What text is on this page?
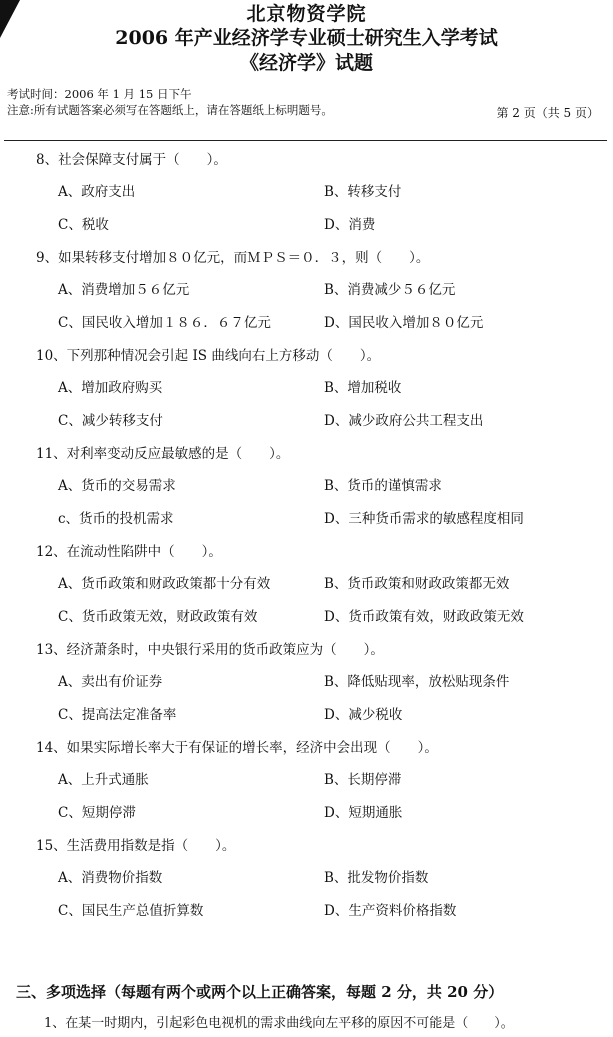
北京物资学院
2006 年产业经济学专业硕士研究生入学考试
《经济学》试题
考试时间：2006 年 1 月 15 日下午
注意:所有试题答案必须写在答题纸上，请在答题纸上标明题号。	第 2 页（共 5 页）
8、社会保障支付属于（　　）。
A、政府支出	B、转移支付
C、税收	D、消费
9、如果转移支付增加８０亿元，而ＭＰＳ＝０．３，则（　　）。
A、消费增加５６亿元	B、消费减少５６亿元
C、国民收入增加１８６．６７亿元	D、国民收入增加８０亿元
10、下列那种情况会引起 IS 曲线向右上方移动（　　）。
A、增加政府购买	B、增加税收
C、减少转移支付	D、减少政府公共工程支出
11、对利率变动反应最敏感的是（　　）。
A、货币的交易需求	B、货币的谨慎需求
c、货币的投机需求	D、三种货币需求的敏感程度相同
12、在流动性陷阱中（　　）。
A、货币政策和财政政策都十分有效	B、货币政策和财政政策都无效
C、货币政策无效，财政政策有效	D、货币政策有效，财政政策无效
13、经济萧条时，中央银行采用的货币政策应为（　　）。
A、卖出有价证券	B、降低贴现率，放松贴现条件
C、提高法定准备率	D、减少税收
14、如果实际增长率大于有保证的增长率，经济中会出现（　　）。
A、上升式通胀	B、长期停滞
C、短期停滞	D、短期通胀
15、生活费用指数是指（　　）。
A、消费物价指数	B、批发物价指数
C、国民生产总值折算数	D、生产资料价格指数
三、多项选择（每题有两个或两个以上正确答案，每题 2 分，共 20 分）
1、在某一时期内，引起彩色电视机的需求曲线向左平移的原因不可能是（　　）。
